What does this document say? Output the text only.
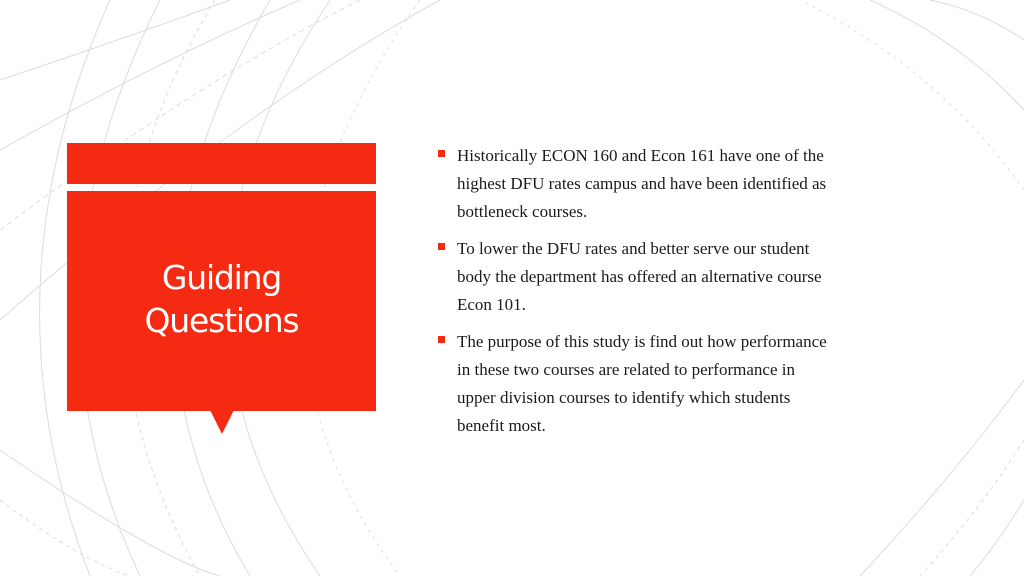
Guiding
Questions
Historically ECON 160 and Econ 161 have one of the
highest DFU rates campus and have been identified as
bottleneck courses.
To lower the DFU rates and better serve our student
body the department has offered an alternative course
Econ 101.
The purpose of this study is find out how performance
in these two courses are related to performance in
upper division courses to identify which students
benefit most.
